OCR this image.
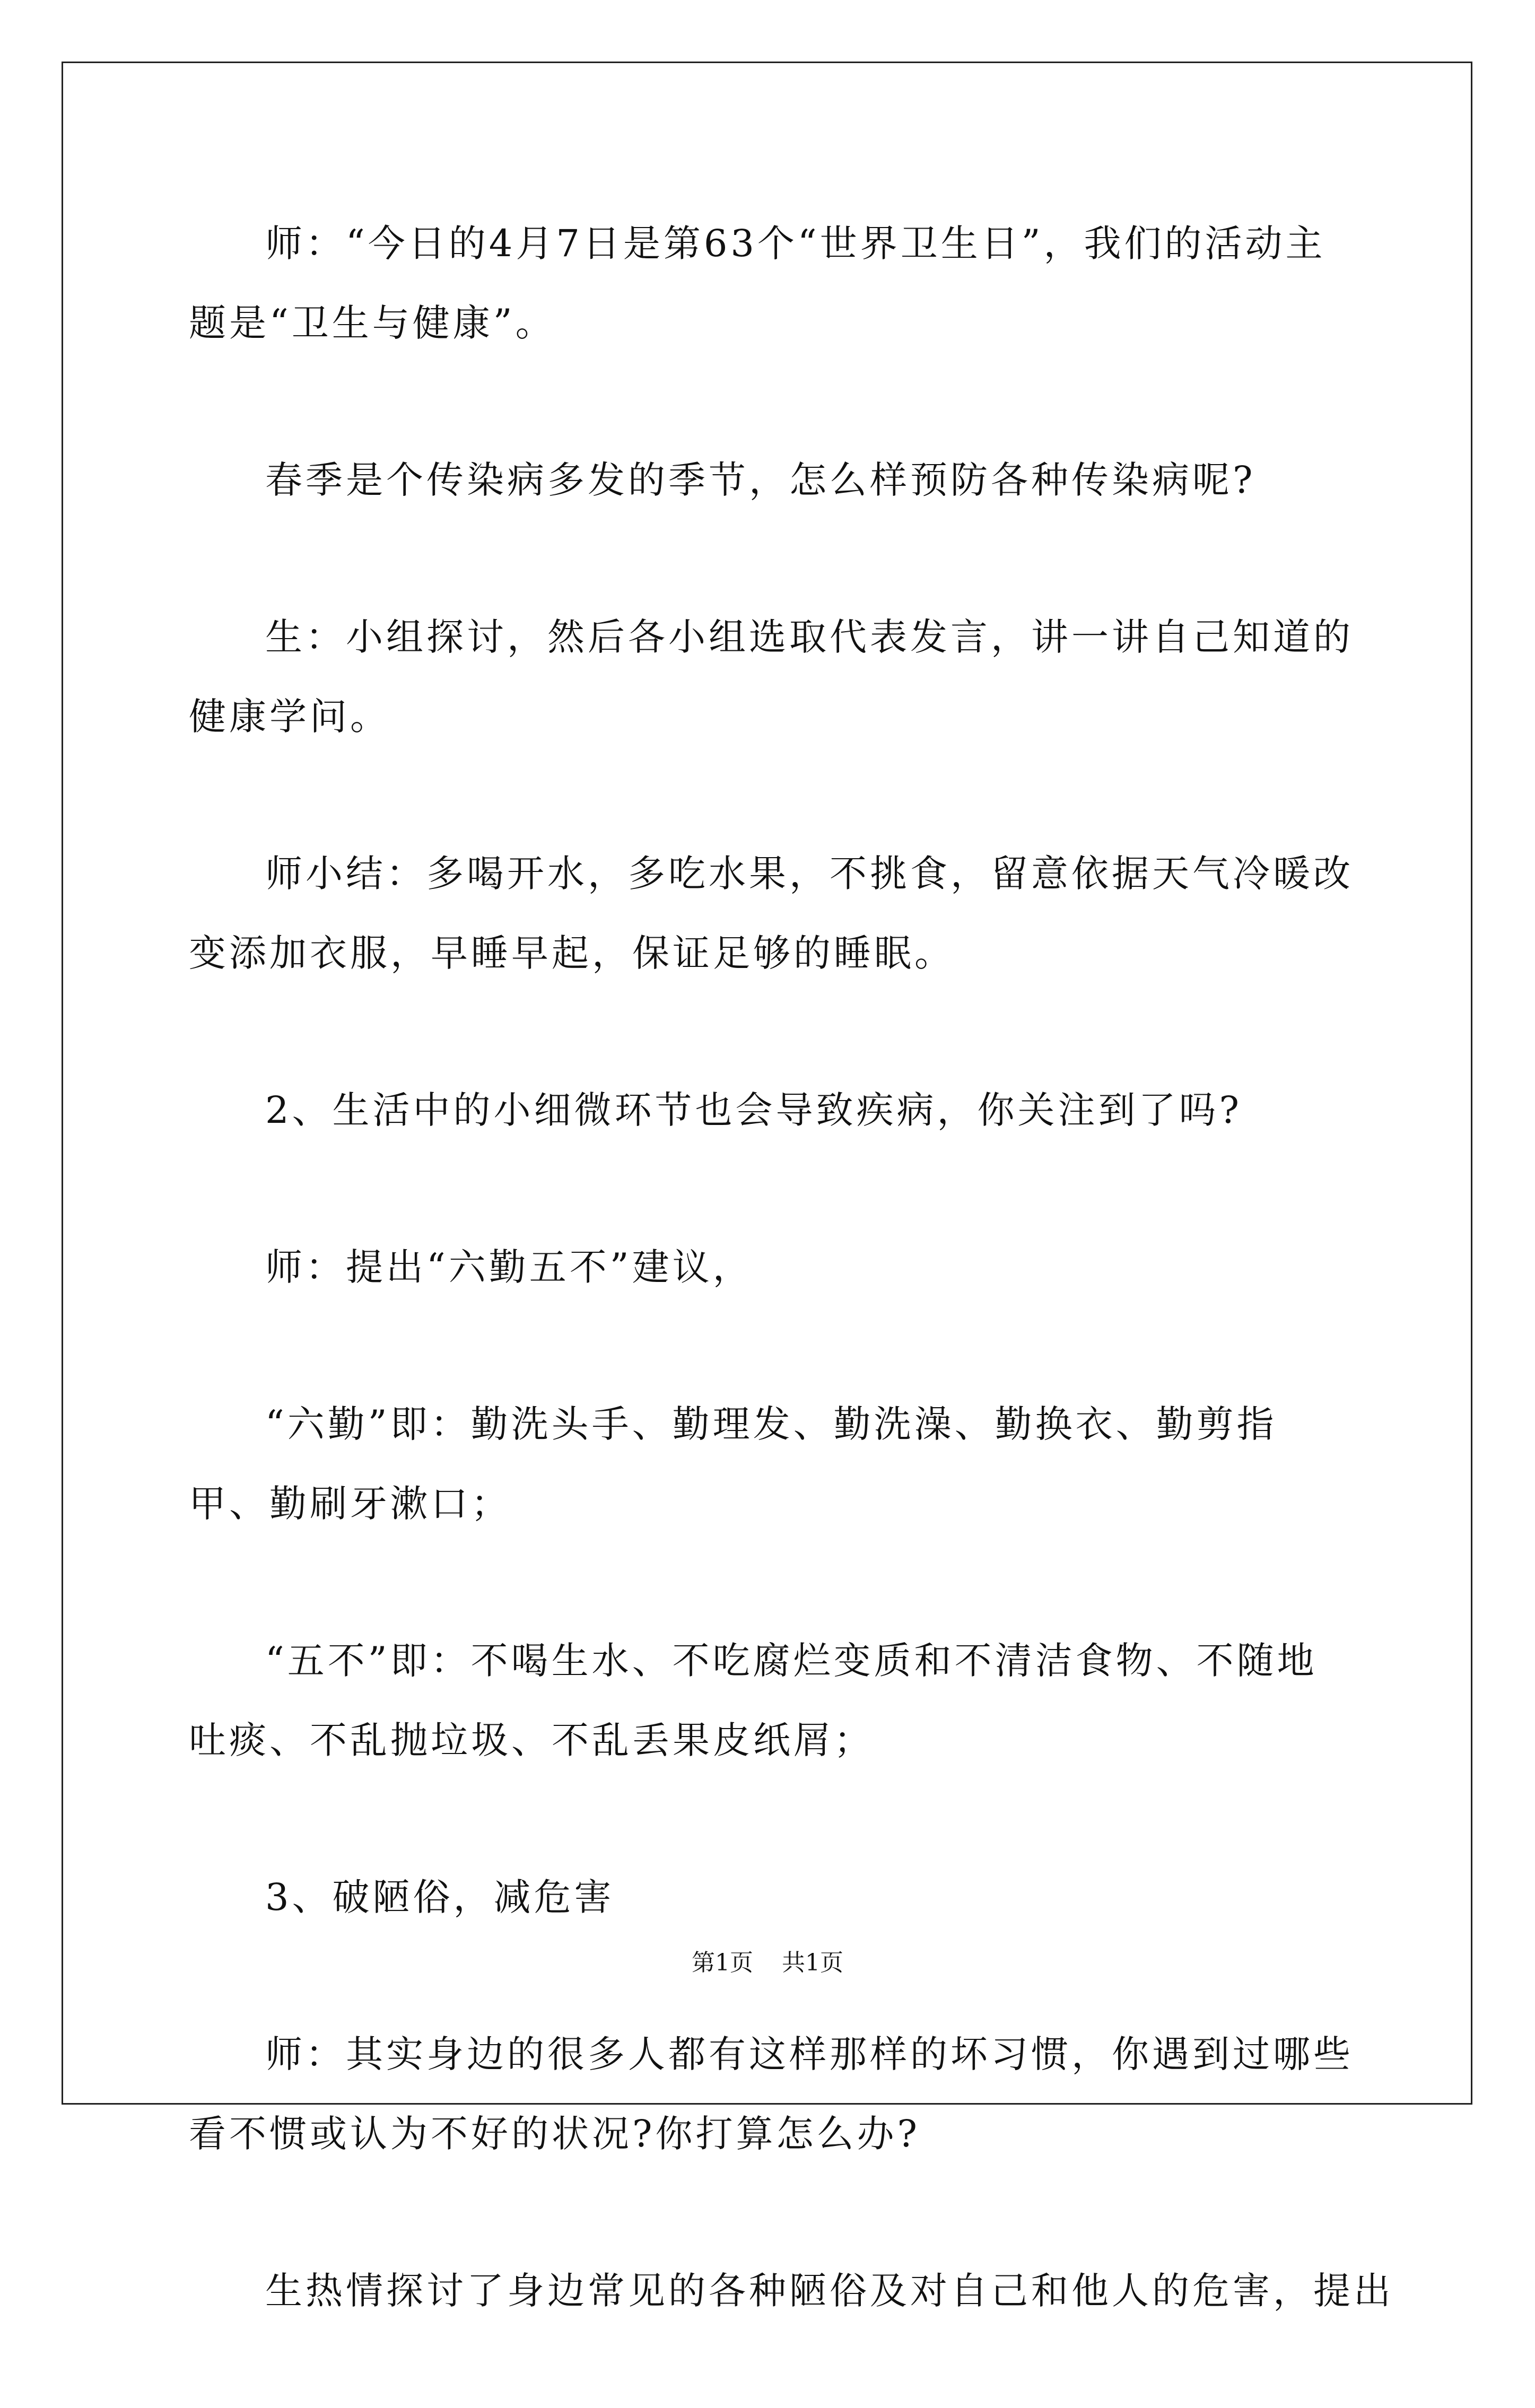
师：“今日的4月7日是第63个“世界卫生日”，我们的活动主题是“卫生与健康”。

春季是个传染病多发的季节，怎么样预防各种传染病呢?

生：小组探讨，然后各小组选取代表发言，讲一讲自己知道的健康学问。

师小结：多喝开水，多吃水果，不挑食，留意依据天气冷暖改变添加衣服，早睡早起，保证足够的睡眠。

2、生活中的小细微环节也会导致疾病，你关注到了吗?

师：提出“六勤五不”建议，

“六勤”即：勤洗头手、勤理发、勤洗澡、勤换衣、勤剪指甲、勤刷牙漱口；

“五不”即：不喝生水、不吃腐烂变质和不清洁食物、不随地吐痰、不乱抛垃圾、不乱丢果皮纸屑；

3、破陋俗，减危害

师：其实身边的很多人都有这样那样的坏习惯，你遇到过哪些看不惯或认为不好的状况?你打算怎么办?

生热情探讨了身边常见的各种陋俗及对自己和他人的危害，提出

第1页 共1页
